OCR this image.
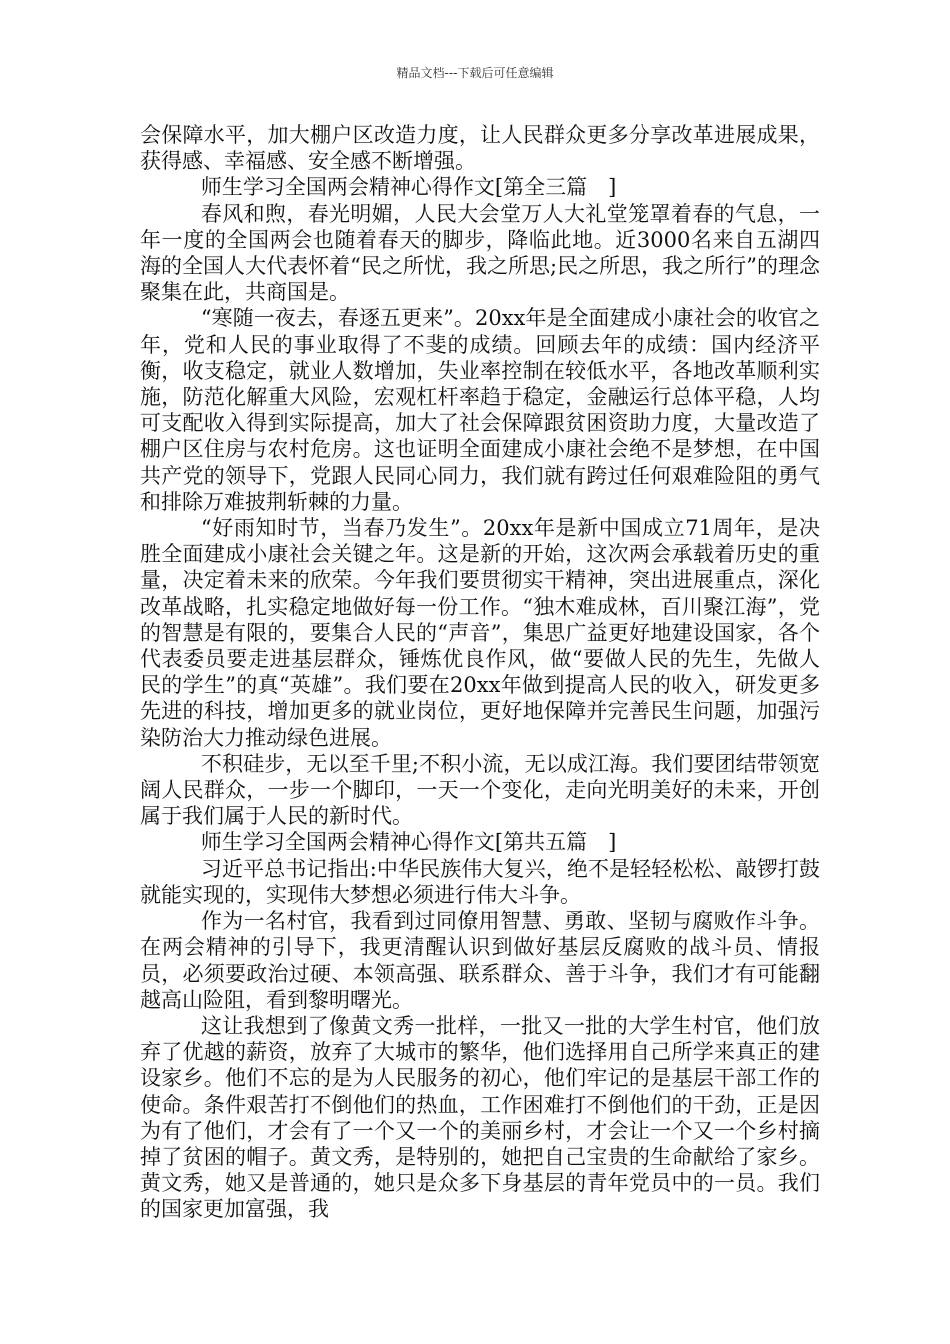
精品文档---下载后可任意编辑

会保障水平，加大棚户区改造力度，让人民群众更多分享改革进展成果，获得感、幸福感、安全感不断增强。

师生学习全国两会精神心得作文[第全三篇　]

春风和煦，春光明媚，人民大会堂万人大礼堂笼罩着春的气息，一年一度的全国两会也随着春天的脚步，降临此地。近3000名来自五湖四海的全国人大代表怀着“民之所忧，我之所思;民之所思，我之所行”的理念聚集在此，共商国是。

“寒随一夜去，春逐五更来”。20xx年是全面建成小康社会的收官之年，党和人民的事业取得了不斐的成绩。回顾去年的成绩：国内经济平衡，收支稳定，就业人数增加，失业率控制在较低水平，各地改革顺利实施，防范化解重大风险，宏观杠杆率趋于稳定，金融运行总体平稳，人均可支配收入得到实际提高，加大了社会保障跟贫困资助力度，大量改造了棚户区住房与农村危房。这也证明全面建成小康社会绝不是梦想，在中国共产党的领导下，党跟人民同心同力，我们就有跨过任何艰难险阻的勇气和排除万难披荆斩棘的力量。

“好雨知时节，当春乃发生”。20xx年是新中国成立71周年，是决胜全面建成小康社会关键之年。这是新的开始，这次两会承载着历史的重量，决定着未来的欣荣。今年我们要贯彻实干精神，突出进展重点，深化改革战略，扎实稳定地做好每一份工作。“独木难成林，百川聚江海”，党的智慧是有限的，要集合人民的“声音”，集思广益更好地建设国家，各个代表委员要走进基层群众，锤炼优良作风，做“要做人民的先生，先做人民的学生”的真“英雄”。我们要在20xx年做到提高人民的收入，研发更多先进的科技，增加更多的就业岗位，更好地保障并完善民生问题，加强污染防治大力推动绿色进展。

不积硅步，无以至千里;不积小流，无以成江海。我们要团结带领宽阔人民群众，一步一个脚印，一天一个变化，走向光明美好的未来，开创属于我们属于人民的新时代。

师生学习全国两会精神心得作文[第共五篇　]

习近平总书记指出:中华民族伟大复兴，绝不是轻轻松松、敲锣打鼓就能实现的，实现伟大梦想必须进行伟大斗争。

作为一名村官，我看到过同僚用智慧、勇敢、坚韧与腐败作斗争。在两会精神的引导下，我更清醒认识到做好基层反腐败的战斗员、情报员，必须要政治过硬、本领高强、联系群众、善于斗争，我们才有可能翻越高山险阻，看到黎明曙光。

这让我想到了像黄文秀一批样，一批又一批的大学生村官，他们放弃了优越的薪资，放弃了大城市的繁华，他们选择用自己所学来真正的建设家乡。他们不忘的是为人民服务的初心，他们牢记的是基层干部工作的使命。条件艰苦打不倒他们的热血，工作困难打不倒他们的干劲，正是因为有了他们，才会有了一个又一个的美丽乡村，才会让一个又一个乡村摘掉了贫困的帽子。黄文秀，是特别的，她把自己宝贵的生命献给了家乡。黄文秀，她又是普通的，她只是众多下身基层的青年党员中的一员。我们的国家更加富强，我
